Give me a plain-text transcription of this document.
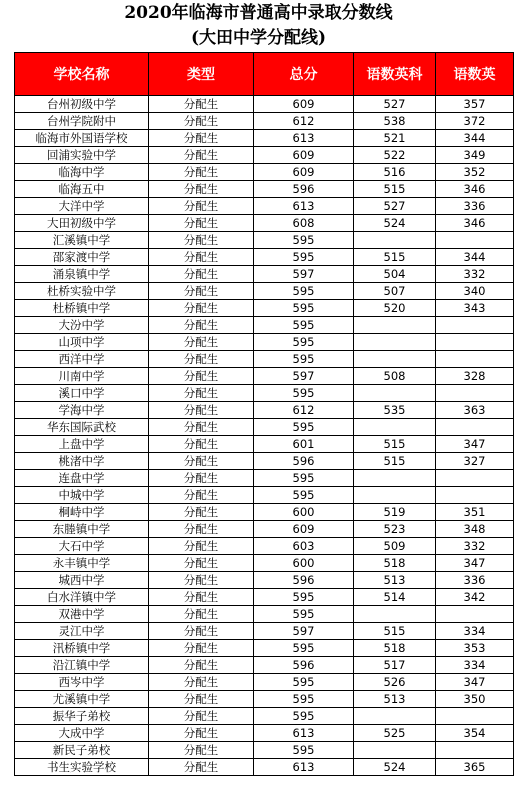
2020年临海市普通高中录取分数线
(大田中学分配线)
学校名称	类型	总分	语数英科	语数英
台州初级中学	分配生	609	527	357
台州学院附中	分配生	612	538	372
临海市外国语学校	分配生	613	521	344
回浦实验中学	分配生	609	522	349
临海中学	分配生	609	516	352
临海五中	分配生	596	515	346
大洋中学	分配生	613	527	336
大田初级中学	分配生	608	524	346
汇溪镇中学	分配生	595		
邵家渡中学	分配生	595	515	344
涌泉镇中学	分配生	597	504	332
杜桥实验中学	分配生	595	507	340
杜桥镇中学	分配生	595	520	343
大汾中学	分配生	595		
山项中学	分配生	595		
西洋中学	分配生	595		
川南中学	分配生	597	508	328
溪口中学	分配生	595		
学海中学	分配生	612	535	363
华东国际武校	分配生	595		
上盘中学	分配生	601	515	347
桃渚中学	分配生	596	515	327
连盘中学	分配生	595		
中城中学	分配生	595		
桐峙中学	分配生	600	519	351
东塍镇中学	分配生	609	523	348
大石中学	分配生	603	509	332
永丰镇中学	分配生	600	518	347
城西中学	分配生	596	513	336
白水洋镇中学	分配生	595	514	342
双港中学	分配生	595		
灵江中学	分配生	597	515	334
汛桥镇中学	分配生	595	518	353
沿江镇中学	分配生	596	517	334
西岑中学	分配生	595	526	347
尤溪镇中学	分配生	595	513	350
振华子弟校	分配生	595		
大成中学	分配生	613	525	354
新民子弟校	分配生	595		
书生实验学校	分配生	613	524	365
